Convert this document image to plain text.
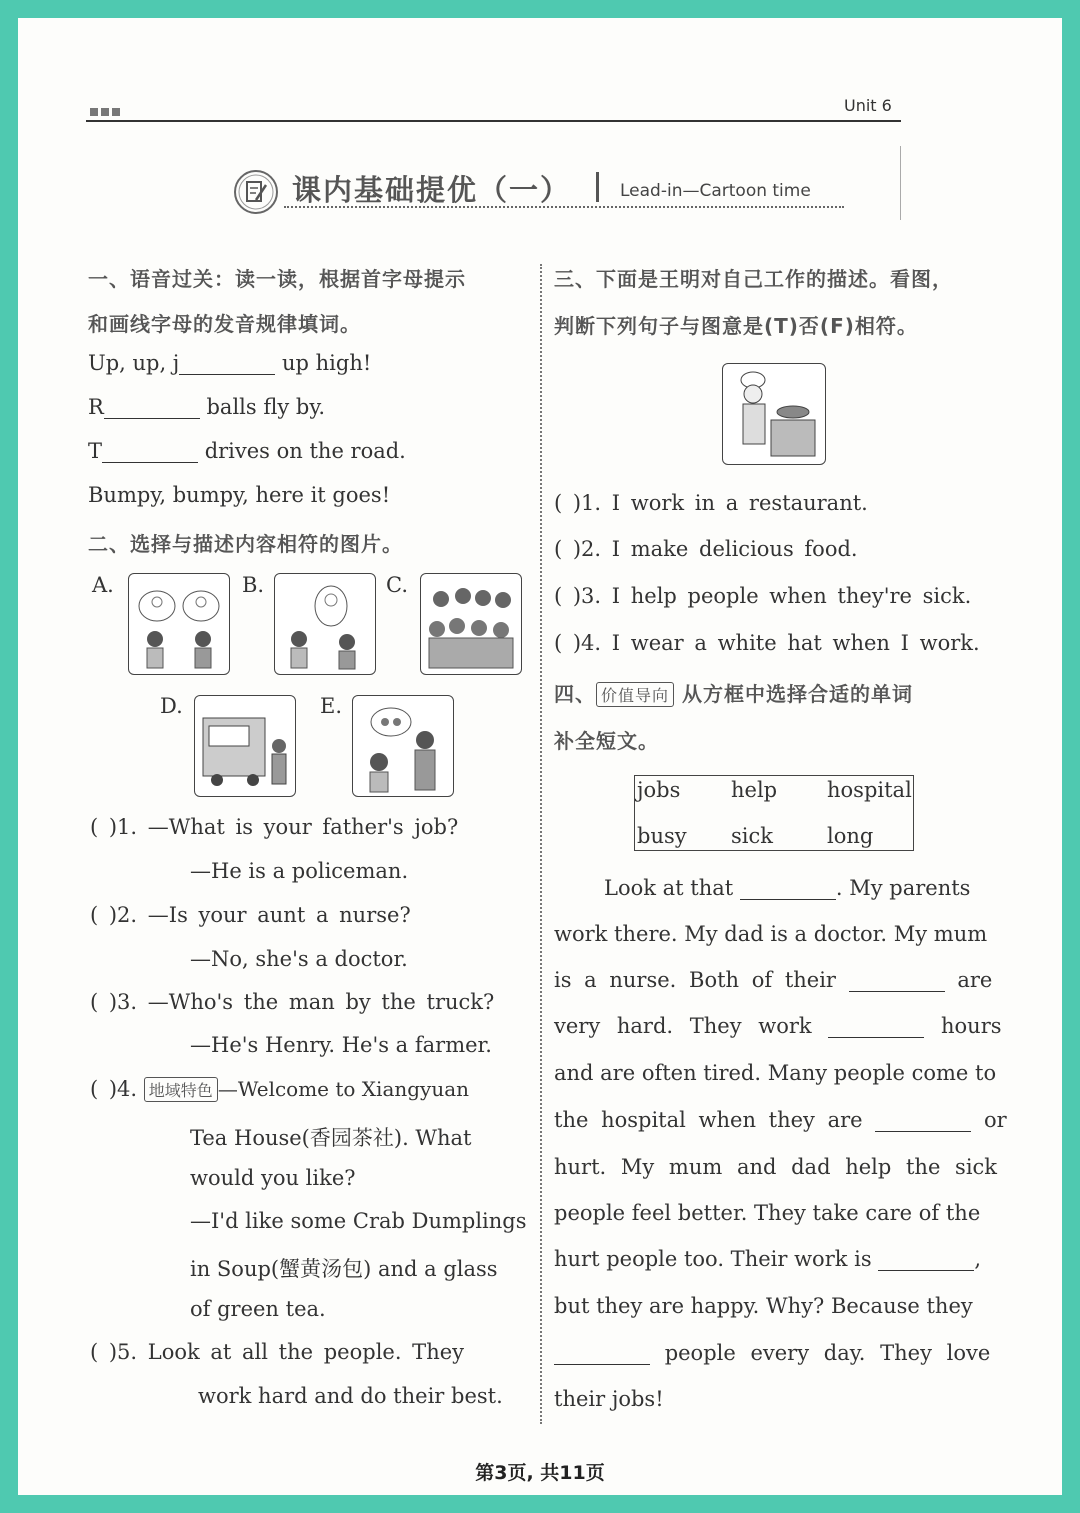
Unit 6
课内基础提优（一）	Lead-in—Cartoon time
一、语音过关：读一读，根据首字母提示
和画线字母的发音规律填词。
Up, up, j	up high!
R	balls fly by.
T	drives on the road.
Bumpy, bumpy, here it goes!
二、选择与描述内容相符的图片。
A.	B.	C.
D.	E.
( )1. —What is your father's job?
—He is a policeman.
( )2. —Is your aunt a nurse?
—No, she's a doctor.
( )3. —Who's the man by the truck?
—He's Henry. He's a farmer.
( )4. 地域特色 —Welcome to Xiangyuan
Tea House(香园茶社). What
would you like?
—I'd like some Crab Dumplings
in Soup(蟹黄汤包) and a glass
of green tea.
( )5. Look at all the people. They
work hard and do their best.
三、下面是王明对自己工作的描述。看图，
判断下列句子与图意是(T)否(F)相符。
( )1. I work in a restaurant.
( )2. I make delicious food.
( )3. I help people when they're sick.
( )4. I wear a white hat when I work.
四、 价值导向 从方框中选择合适的单词
补全短文。
jobs help hospital
busy sick	long
Look at that	. My parents
work there. My dad is a doctor. My mum
is a nurse. Both of their	are
very hard. They work	hours
and are often tired. Many people come to
the hospital when they are	or
hurt. My mum and dad help the sick
people feel better. They take care of the
hurt people too. Their work is	,
but they are happy. Why? Because they
people every day. They love
their jobs!
第3页, 共11页
